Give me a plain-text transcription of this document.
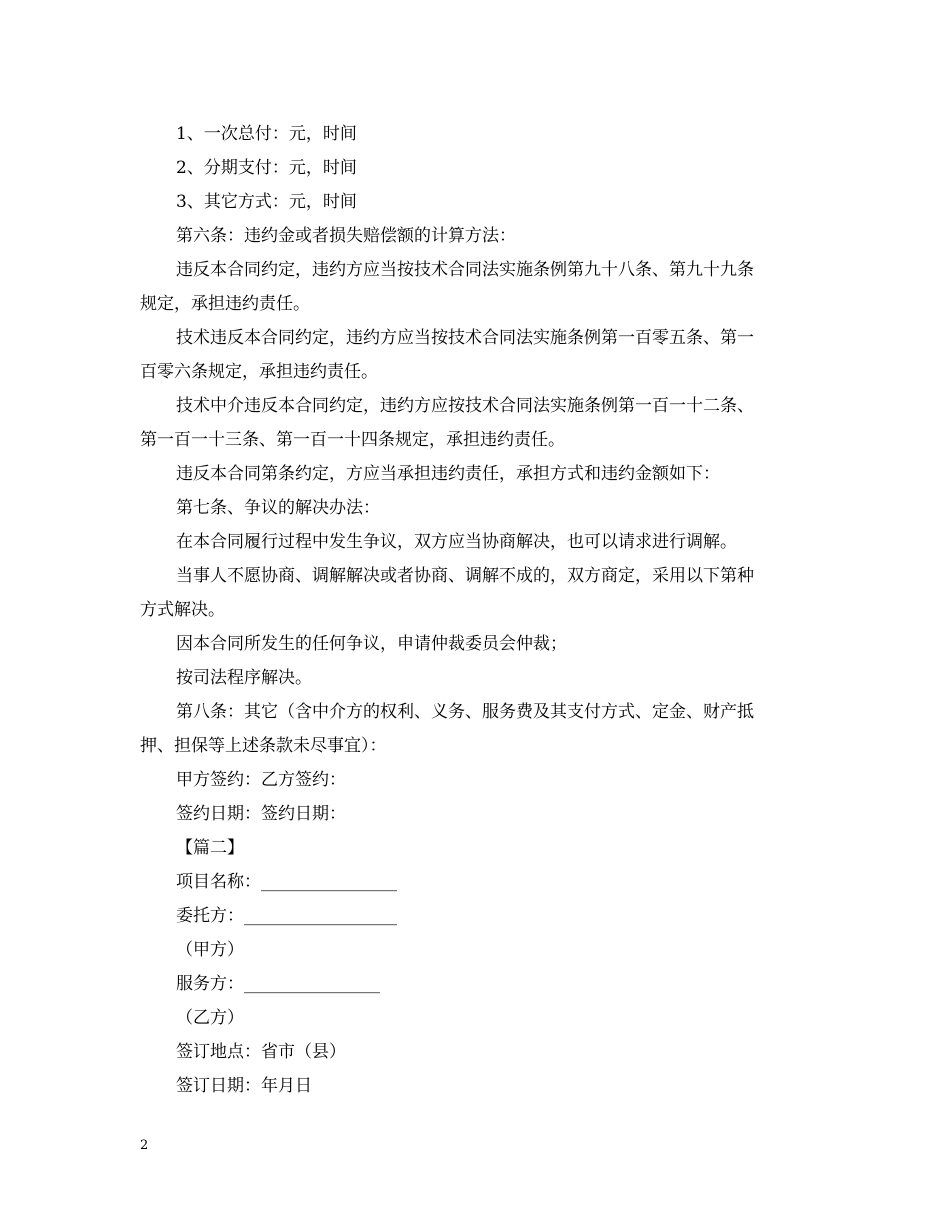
1、一次总付：元，时间
2、分期支付：元，时间
3、其它方式：元，时间
第六条：违约金或者损失赔偿额的计算方法：
违反本合同约定，违约方应当按技术合同法实施条例第九十八条、第九十九条
规定，承担违约责任。
技术违反本合同约定，违约方应当按技术合同法实施条例第一百零五条、第一
百零六条规定，承担违约责任。
技术中介违反本合同约定，违约方应按技术合同法实施条例第一百一十二条、
第一百一十三条、第一百一十四条规定，承担违约责任。
违反本合同第条约定，方应当承担违约责任，承担方式和违约金额如下：
第七条、争议的解决办法：
在本合同履行过程中发生争议，双方应当协商解决，也可以请求进行调解。
当事人不愿协商、调解解决或者协商、调解不成的，双方商定，采用以下第种
方式解决。
因本合同所发生的任何争议，申请仲裁委员会仲裁；
按司法程序解决。
第八条：其它（含中介方的权利、义务、服务费及其支付方式、定金、财产抵
押、担保等上述条款未尽事宜）：
甲方签约：乙方签约：
签约日期：签约日期：
【篇二】
项目名称：________________
委托方：__________________
（甲方）
服务方：________________
（乙方）
签订地点：省市（县）
签订日期：年月日
2
